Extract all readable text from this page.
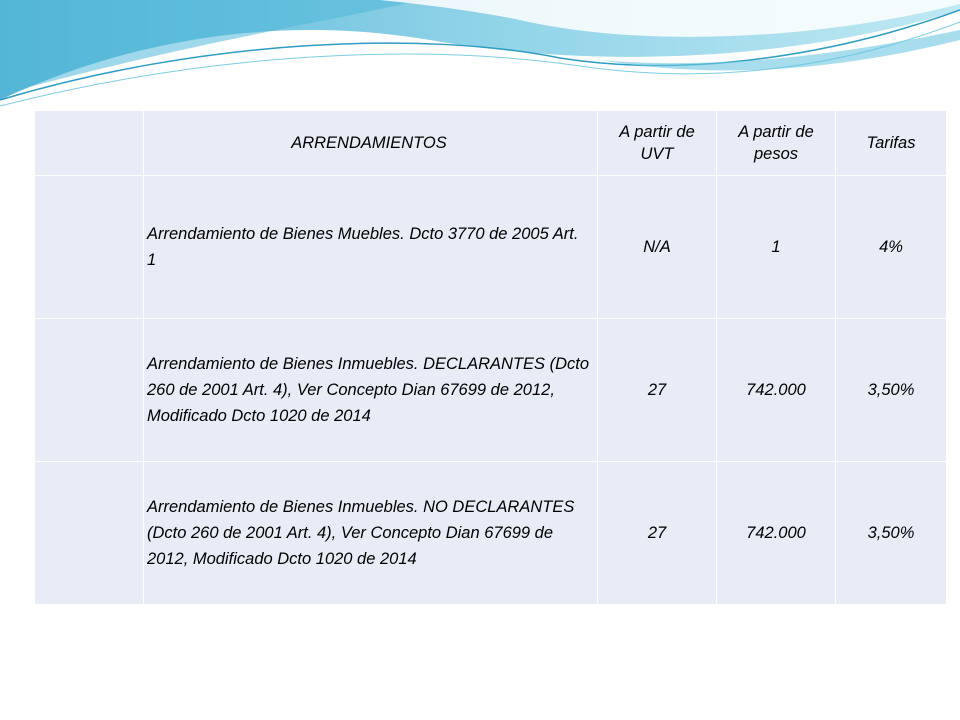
	ARRENDAMIENTOS	A partir de UVT	A partir de pesos	Tarifas
	Arrendamiento de Bienes Muebles. Dcto 3770 de 2005 Art. 1	N/A	1	4%
	Arrendamiento de Bienes Inmuebles. DECLARANTES (Dcto 260 de 2001 Art. 4), Ver Concepto Dian 67699 de 2012, Modificado Dcto 1020 de 2014	27	742.000	3,50%
	Arrendamiento de Bienes Inmuebles. NO DECLARANTES (Dcto 260 de 2001 Art. 4), Ver Concepto Dian 67699 de 2012, Modificado Dcto 1020 de 2014	27	742.000	3,50%
